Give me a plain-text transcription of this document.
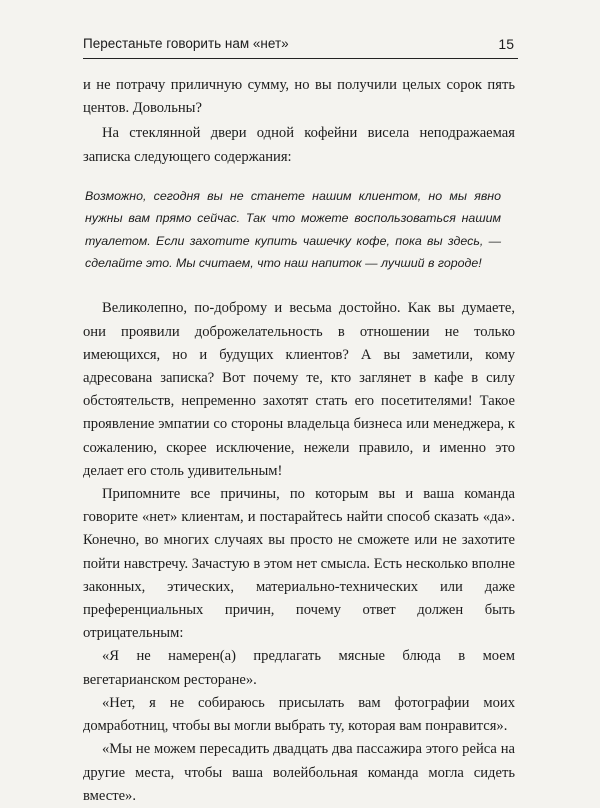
Перестаньте говорить нам «нет»	15

и не потрачу приличную сумму, но вы получили целых сорок пять центов. Довольны?

На стеклянной двери одной кофейни висела неподражаемая записка следующего содержания:

Возможно, сегодня вы не станете нашим клиентом, но мы явно нужны вам прямо сейчас. Так что можете воспользоваться нашим туалетом. Если захотите купить чашечку кофе, пока вы здесь, — сделайте это. Мы считаем, что наш напиток — лучший в городе!

Великолепно, по-доброму и весьма достойно. Как вы думаете, они проявили доброжелательность в отношении не только имеющихся, но и будущих клиентов? А вы заметили, кому адресована записка? Вот почему те, кто заглянет в кафе в силу обстоятельств, непременно захотят стать его посетителями! Такое проявление эмпатии со стороны владельца бизнеса или менеджера, к сожалению, скорее исключение, нежели правило, и именно это делает его столь удивительным!

Припомните все причины, по которым вы и ваша команда говорите «нет» клиентам, и постарайтесь найти способ сказать «да». Конечно, во многих случаях вы просто не сможете или не захотите пойти навстречу. Зачастую в этом нет смысла. Есть несколько вполне законных, этических, материально-технических или даже преференциальных причин, почему ответ должен быть отрицательным:

«Я не намерен(а) предлагать мясные блюда в моем вегетарианском ресторане».

«Нет, я не собираюсь присылать вам фотографии моих домработниц, чтобы вы могли выбрать ту, которая вам понравится».

«Мы не можем пересадить двадцать два пассажира этого рейса на другие места, чтобы ваша волейбольная команда могла сидеть вместе».
